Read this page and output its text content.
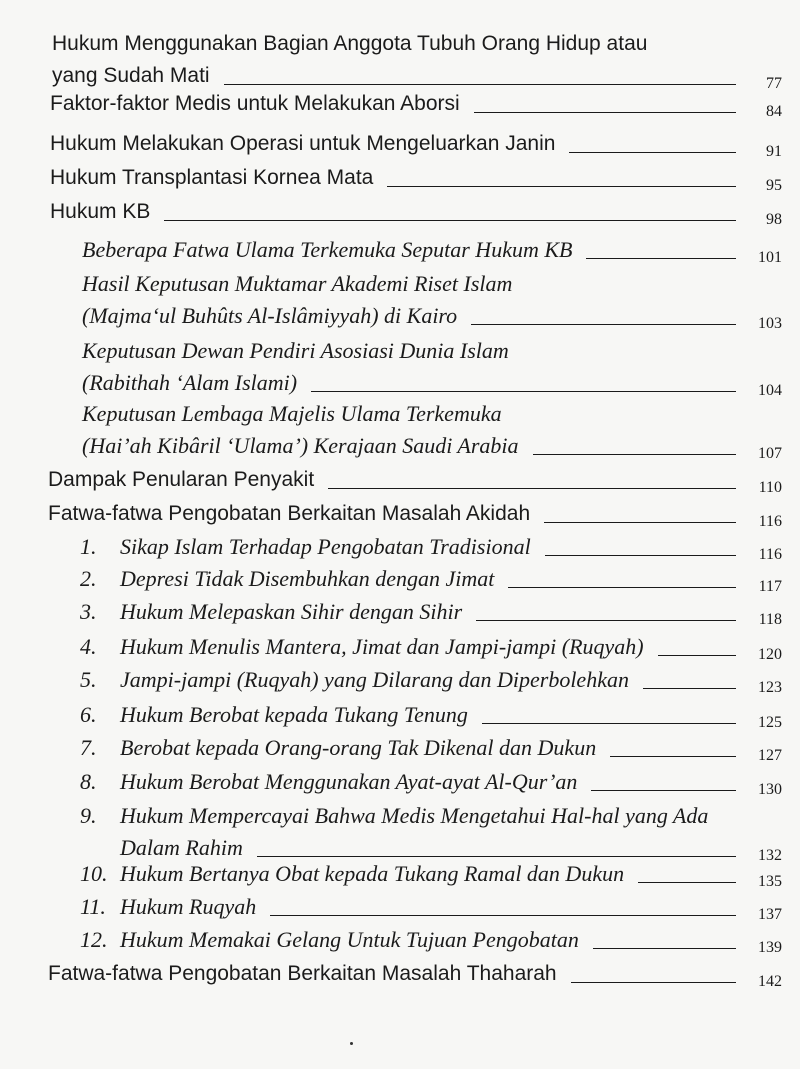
Hukum Menggunakan Bagian Anggota Tubuh Orang Hidup atau
yang Sudah Mati	77
Faktor-faktor Medis untuk Melakukan Aborsi	84
Hukum Melakukan Operasi untuk Mengeluarkan Janin	91
Hukum Transplantasi Kornea Mata	95
Hukum KB	98
Beberapa Fatwa Ulama Terkemuka Seputar Hukum KB	101
Hasil Keputusan Muktamar Akademi Riset Islam
(Majma‘ul Buhûts Al-Islâmiyyah) di Kairo	103
Keputusan Dewan Pendiri Asosiasi Dunia Islam
(Rabithah ‘Alam Islami)	104
Keputusan Lembaga Majelis Ulama Terkemuka
(Hai’ah Kibâril ‘Ulama’) Kerajaan Saudi Arabia	107
Dampak Penularan Penyakit	110
Fatwa-fatwa Pengobatan Berkaitan Masalah Akidah	116
1. Sikap Islam Terhadap Pengobatan Tradisional	116
2. Depresi Tidak Disembuhkan dengan Jimat	117
3. Hukum Melepaskan Sihir dengan Sihir	118
4. Hukum Menulis Mantera, Jimat dan Jampi-jampi (Ruqyah)	120
5. Jampi-jampi (Ruqyah) yang Dilarang dan Diperbolehkan	123
6. Hukum Berobat kepada Tukang Tenung	125
7. Berobat kepada Orang-orang Tak Dikenal dan Dukun	127
8. Hukum Berobat Menggunakan Ayat-ayat Al-Qur’an	130
9. Hukum Mempercayai Bahwa Medis Mengetahui Hal-hal yang Ada
Dalam Rahim	132
10. Hukum Bertanya Obat kepada Tukang Ramal dan Dukun	135
11. Hukum Ruqyah	137
12. Hukum Memakai Gelang Untuk Tujuan Pengobatan	139
Fatwa-fatwa Pengobatan Berkaitan Masalah Thaharah	142
